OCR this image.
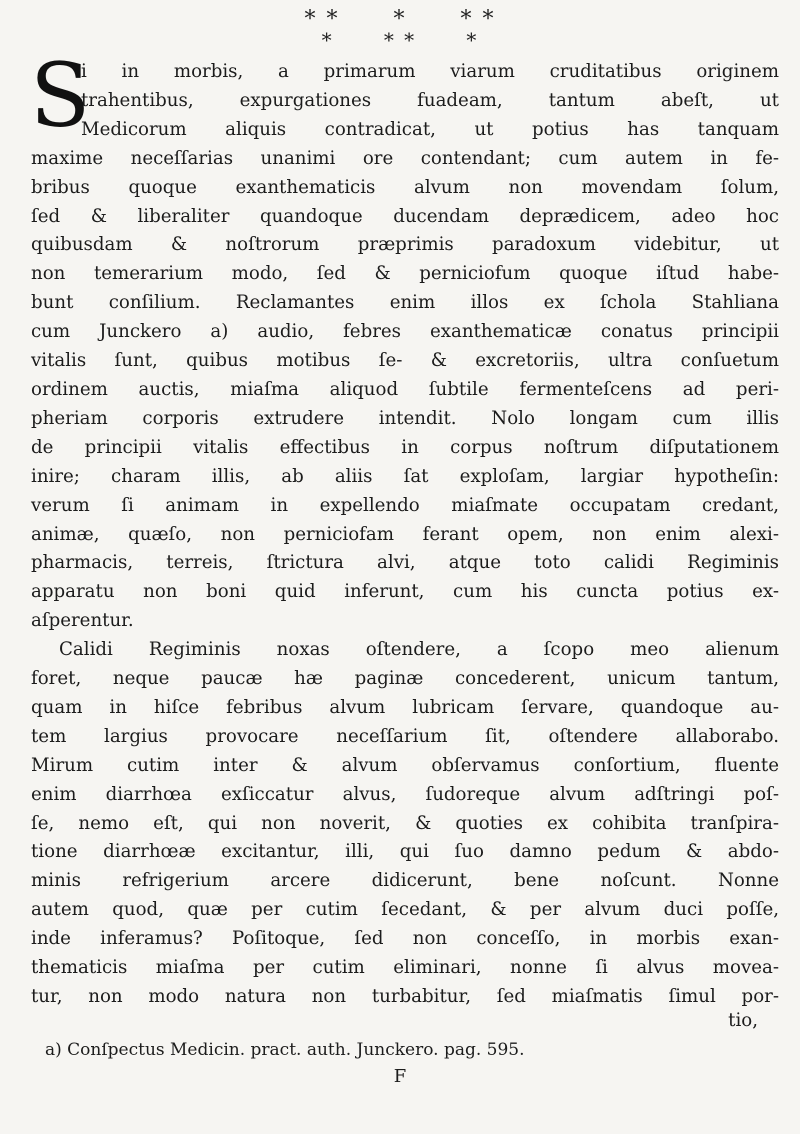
* *      *      * *
*      * *      *
S
i in morbis, a primarum viarum cruditatibus originem
trahentibus, expurgationes fuadeam, tantum abeſt, ut
Medicorum aliquis contradicat, ut potius has tanquam
maxime neceſſarias unanimi ore contendant; cum autem in fe-
bribus quoque exanthematicis alvum non movendam ſolum,
ſed & liberaliter quandoque ducendam deprædicem, adeo hoc
quibusdam & noſtrorum præprimis paradoxum videbitur, ut
non temerarium modo, ſed & perniciofum quoque iſtud habe-
bunt conſilium. Reclamantes enim illos ex ſchola Stahliana
cum Junckero a) audio, febres exanthematicæ conatus principii
vitalis ſunt, quibus motibus ſe- & excretoriis, ultra conſuetum
ordinem auctis, miaſma aliquod ſubtile fermenteſcens ad peri-
pheriam corporis extrudere intendit. Nolo longam cum illis
de principii vitalis effectibus in corpus noſtrum diſputationem
inire; charam illis, ab aliis ſat exploſam, largiar hypotheſin:
verum ſi animam in expellendo miaſmate occupatam credant,
animæ, quæſo, non perniciofam ferant opem, non enim alexi-
pharmacis, terreis, ſtrictura alvi, atque toto calidi Regiminis
apparatu non boni quid inferunt, cum his cuncta potius ex-
aſperentur.
Calidi Regiminis noxas oſtendere, a ſcopo meo alienum
foret, neque paucæ hæ paginæ concederent, unicum tantum,
quam in hiſce febribus alvum lubricam ſervare, quandoque au-
tem largius provocare neceſſarium ſit, oſtendere allaborabo.
Mirum cutim inter & alvum obſervamus conſortium, fluente
enim diarrhœa exſiccatur alvus, ſudoreque alvum adſtringi poſ-
ſe, nemo eſt, qui non noverit, & quoties ex cohibita tranſpira-
tione diarrhœæ excitantur, illi, qui ſuo damno pedum & abdo-
minis refrigerium arcere didicerunt, bene noſcunt. Nonne
autem quod, quæ per cutim ſecedant, & per alvum duci poſſe,
inde inferamus? Poſitoque, ſed non conceſſo, in morbis exan-
thematicis miaſma per cutim eliminari, nonne ſi alvus movea-
tur, non modo natura non turbabitur, ſed miaſmatis ſimul por-
tio,
a) Conſpectus Medicin. pract. auth. Junckero. pag. 595.
F
